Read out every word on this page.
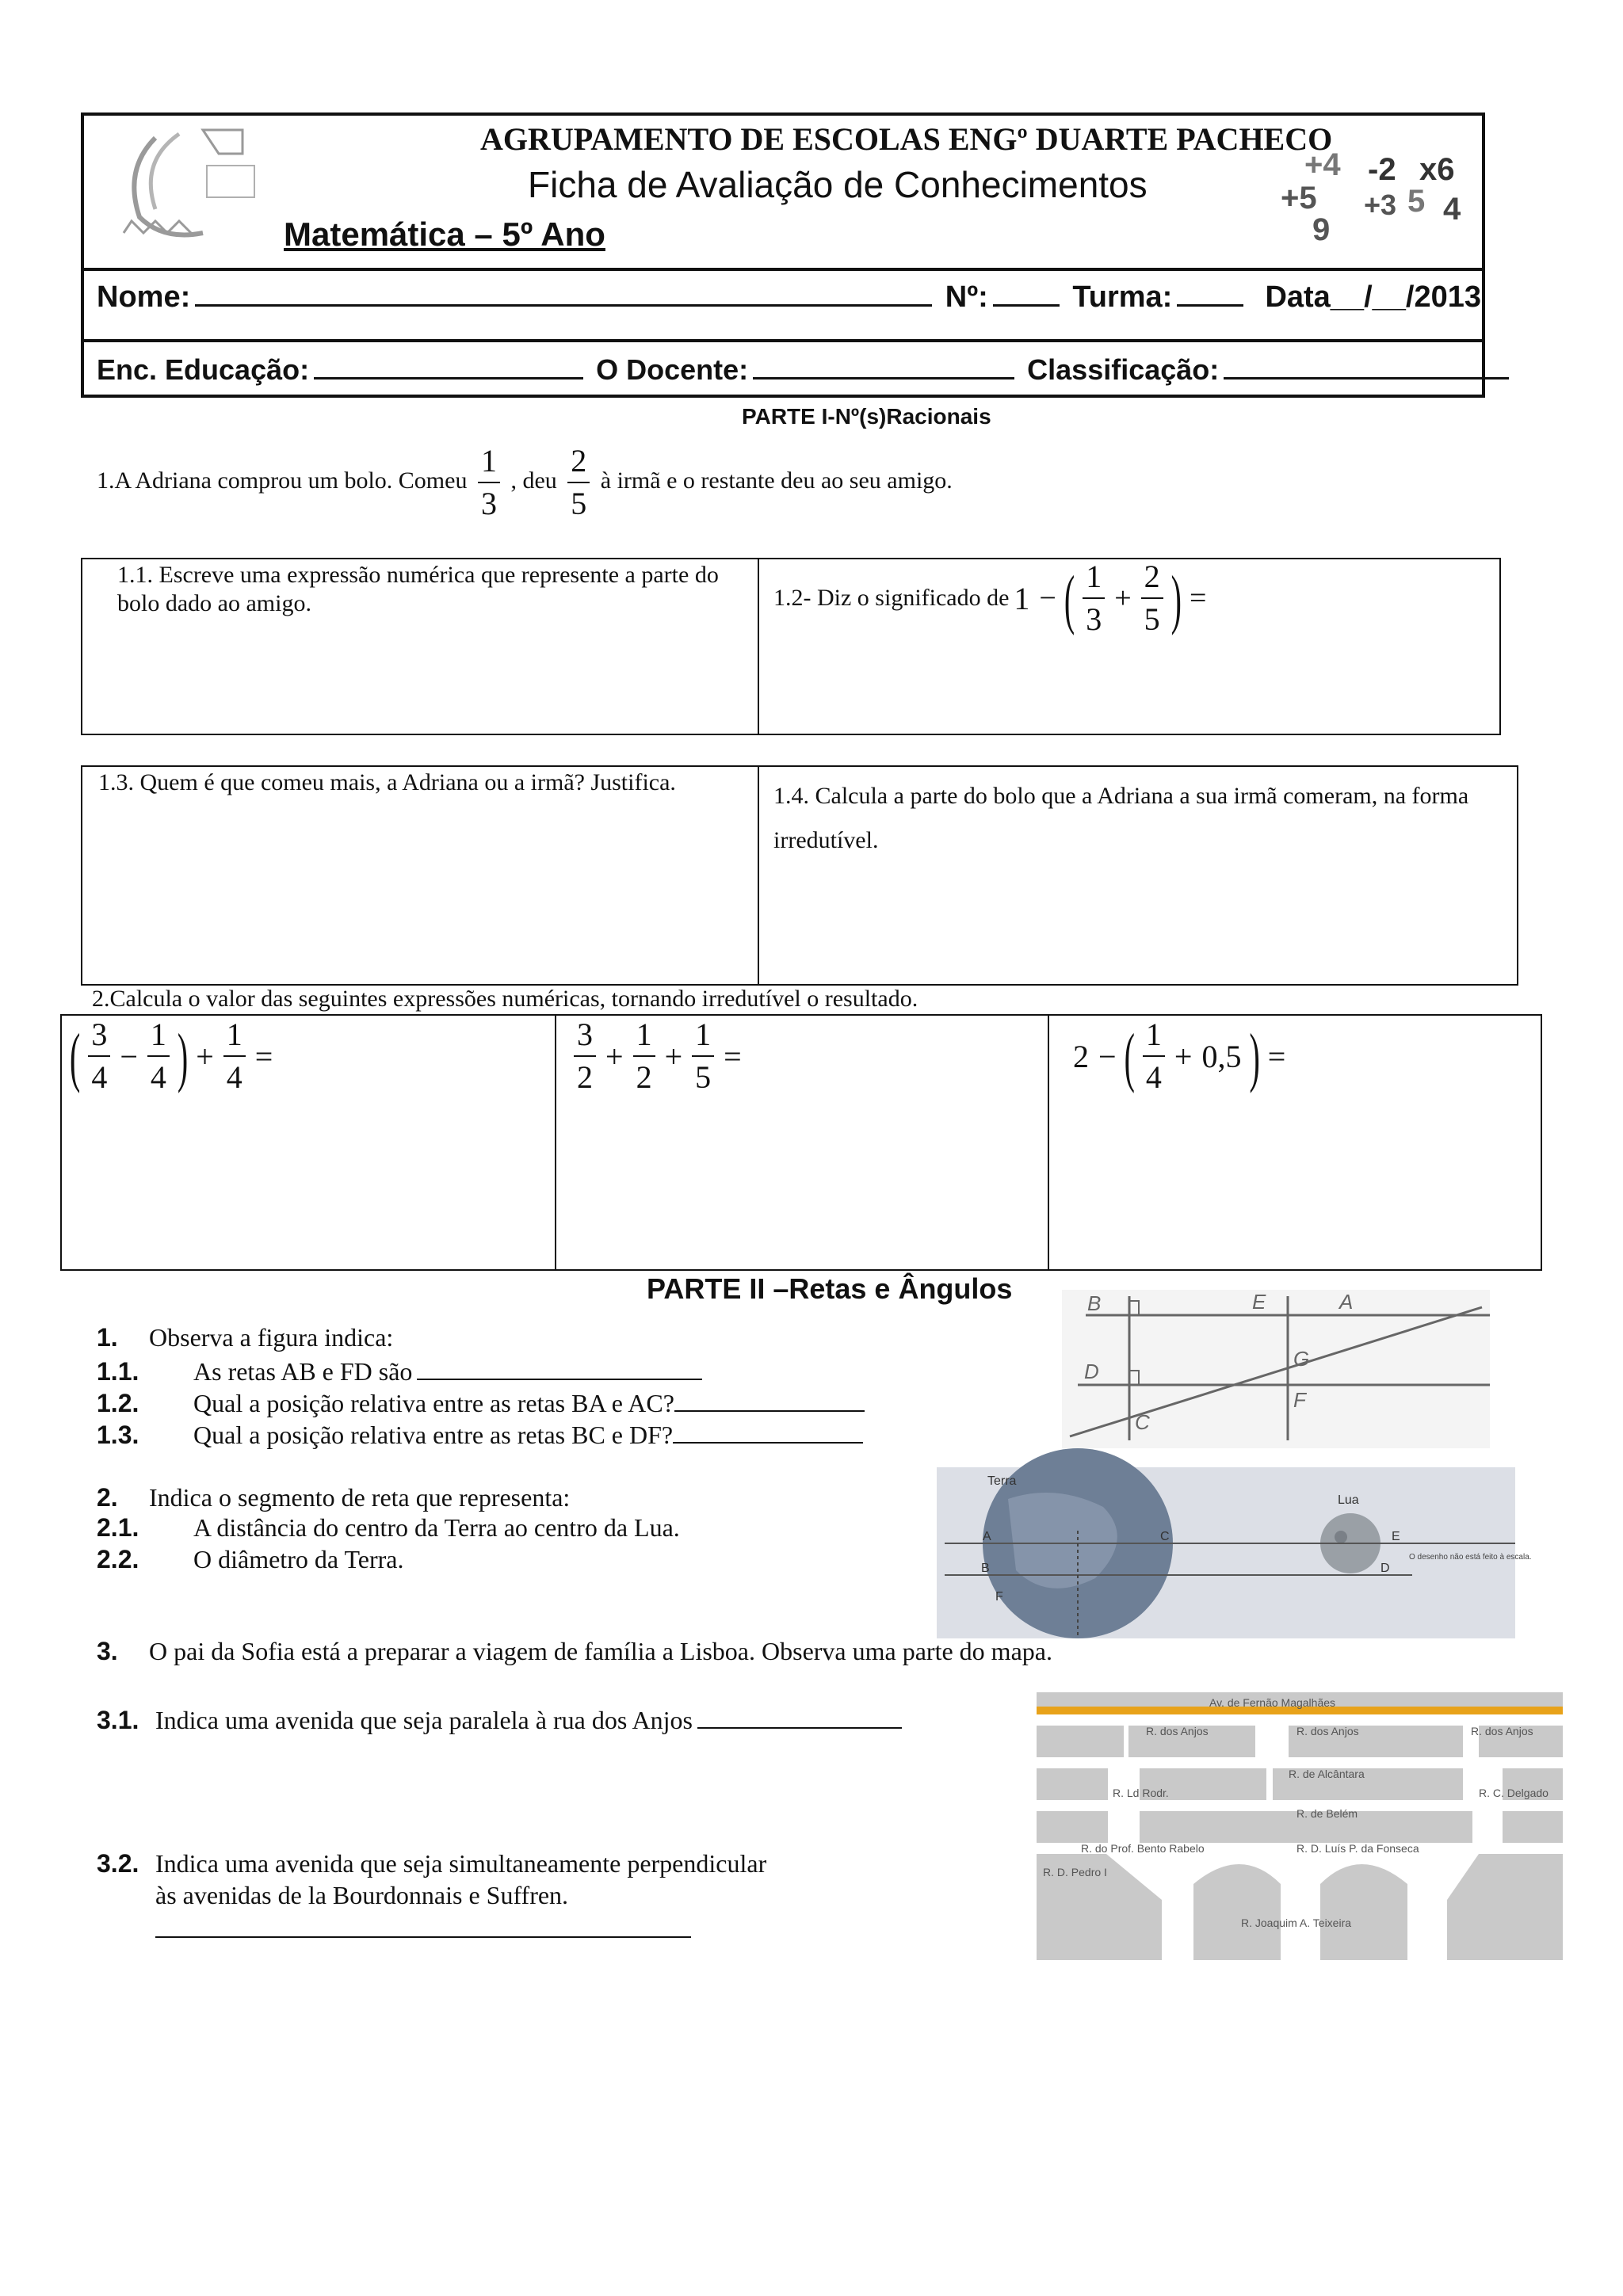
AGRUPAMENTO DE ESCOLAS ENGº DUARTE PACHECO
Ficha de Avaliação de Conhecimentos
Matemática – 5º Ano
+4 -2 x6
+5 +3 5 4
9
Nome:	Nº:	Turma:	Data__/__/2013
Enc. Educação:	O Docente:	Classificação:
PARTE I-Nº(s)Racionais
1.A Adriana comprou um bolo. Comeu $\frac{1}{3}$ , deu $\frac{2}{5}$ à irmã e o restante deu ao seu amigo.
1.1. Escreve uma expressão numérica que represente a parte do bolo dado ao amigo.	1.2- Diz o significado de 1 − ( $\frac{1}{3} + \frac{2}{5}$ ) =
1.3. Quem é que comeu mais, a Adriana ou a irmã? Justifica.
1.4. Calcula a parte do bolo que a Adriana a sua irmã comeram, na forma
irredutível.
2.Calcula o valor das seguintes expressões numéricas, tornando irredutível o resultado.
( $\frac{3}{4} - \frac{1}{4}$ ) + $\frac{1}{4}$ =	$\frac{3}{2} + \frac{1}{2} + \frac{1}{5}$ =	2 − ( $\frac{1}{4} + 0,5$ ) =
PARTE II –Retas e Ângulos
1. Observa a figura indica:
1.1. As retas AB e FD são
1.2. Qual a posição relativa entre as retas BA e AC?
1.3. Qual a posição relativa entre as retas BC e DF?
B	E	A
D
G
F
C
2. Indica o segmento de reta que representa:
2.1. A distância do centro da Terra ao centro da Lua.
2.2. O diâmetro da Terra.
Terra
Lua
A	C
B	D
F
E
O desenho não está feito à escala.
3. O pai da Sofia está a preparar a viagem de família a Lisboa. Observa uma parte do mapa.
3.1. Indica uma avenida que seja paralela à rua dos Anjos
3.2. Indica uma avenida que seja simultaneamente perpendicular
às avenidas de la Bourdonnais e Suffren.
Av. de Fernão Magalhães
R. dos Anjos	R. dos Anjos	R. dos Anjos
R. de Alcântara
R. de Belém
R. do Prof. Bento Rabelo	R. D. Luís P. da Fonseca
R. Joaquim A. Teixeira
R. D. Pedro I
R. Ld Rodr.	R. C. Delgado
